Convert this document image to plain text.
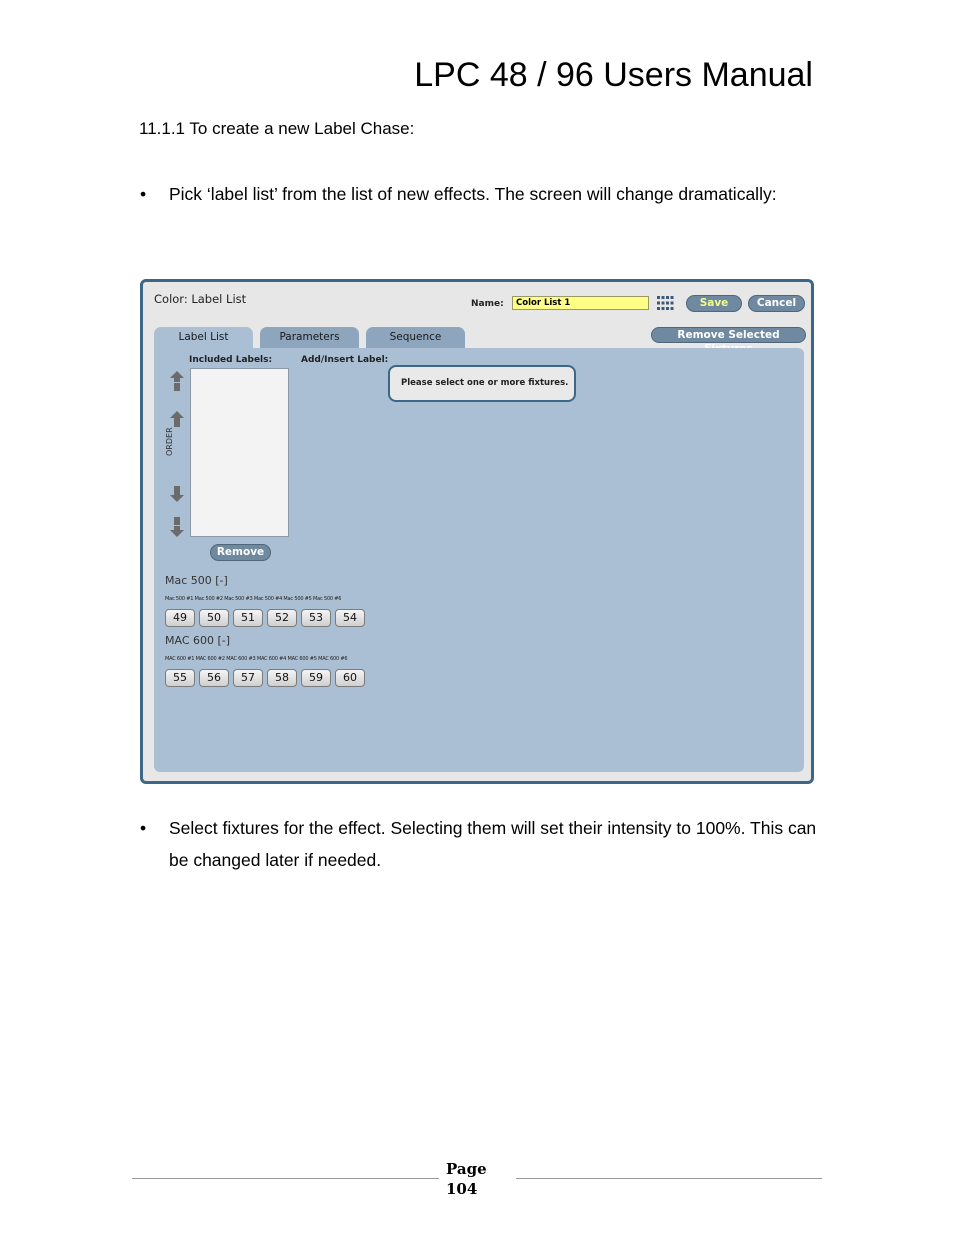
LPC 48 / 96 Users Manual

11.1.1 To create a new Label Chase:

• Pick ‘label list’ from the list of new effects. The screen will change dramatically:
Color: Label List	Name:	Color List 1	Save	Cancel
Remove Selected
Label List	Parameters	Sequence
Included Labels:	Add/Insert Label:
ORDER
Remove
Please select one or more fixtures.
Mac 500 [-]
Mac 500 #1 Mac 500 #2 Mac 500 #3 Mac 500 #4 Mac 500 #5 Mac 500 #6
49	50	51	52	53	54
MAC 600 [-]
MAC 600 #1 MAC 600 #2 MAC 600 #3 MAC 600 #4 MAC 600 #5 MAC 600 #6
55	56	57	58	59	60
• Select fixtures for the effect. Selecting them will set their intensity to 100%. This can be changed later if needed.
Page
104
